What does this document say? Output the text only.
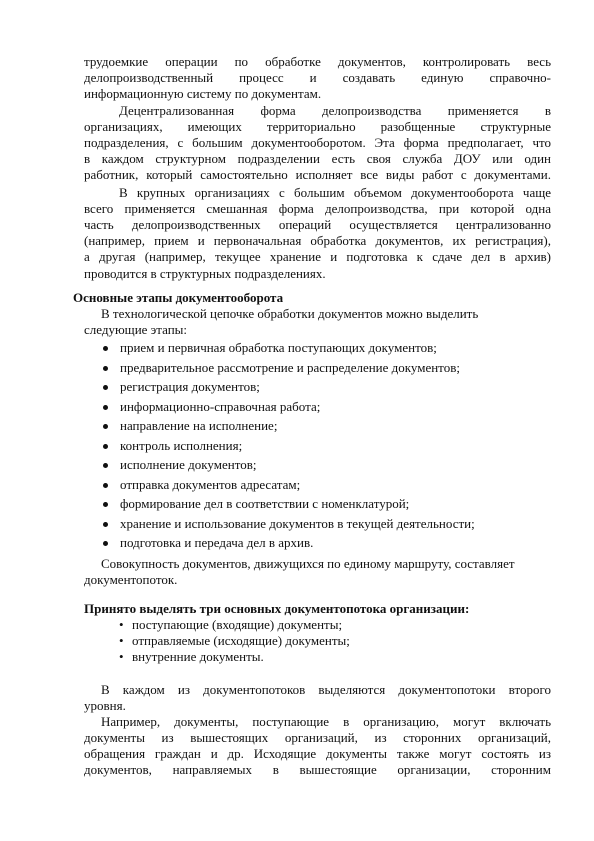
трудоемкие операции по обработке документов, контролировать весь
делопроизводственный процесс и создавать единую справочно-

информационную систему по документам.

Децентрализованная форма делопроизводства применяется в
организациях, имеющих территориально разобщенные структурные
подразделения, с большим документооборотом. Эта форма предполагает, что
в каждом структурном подразделении есть своя служба ДОУ или один
работник, который самостоятельно исполняет все виды работ с документами.

В крупных организациях с большим объемом документооборота чаще
всего применяется смешанная форма делопроизводства, при которой одна
часть делопроизводственных операций осуществляется централизованно
(например, прием и первоначальная обработка документов, их регистрация),
а другая (например, текущее хранение и подготовка к сдаче дел в архив)

проводится в структурных подразделениях.

Основные этапы документооборота

В технологической цепочке обработки документов можно выделить
следующие этапы:

прием и первичная обработка поступающих документов;
предварительное рассмотрение и распределение документов;
регистрация документов;
информационно-справочная работа;
направление на исполнение;
контроль исполнения;
исполнение документов;
отправка документов адресатам;
формирование дел в соответствии с номенклатурой;
хранение и использование документов в текущей деятельности;
подготовка и передача дел в архив.

Совокупность документов, движущихся по единому маршруту, составляет
документопоток.

Принято выделять три основных документопотока организации:
• поступающие (входящие) документы;
• отправляемые (исходящие) документы;
• внутренние документы.

В каждом из документопотоков выделяются документопотоки второго

уровня.

Например, документы, поступающие в организацию, могут включать
документы из вышестоящих организаций, из сторонних организаций,
обращения граждан и др. Исходящие документы также могут состоять из
документов, направляемых в вышестоящие организации, сторонним
